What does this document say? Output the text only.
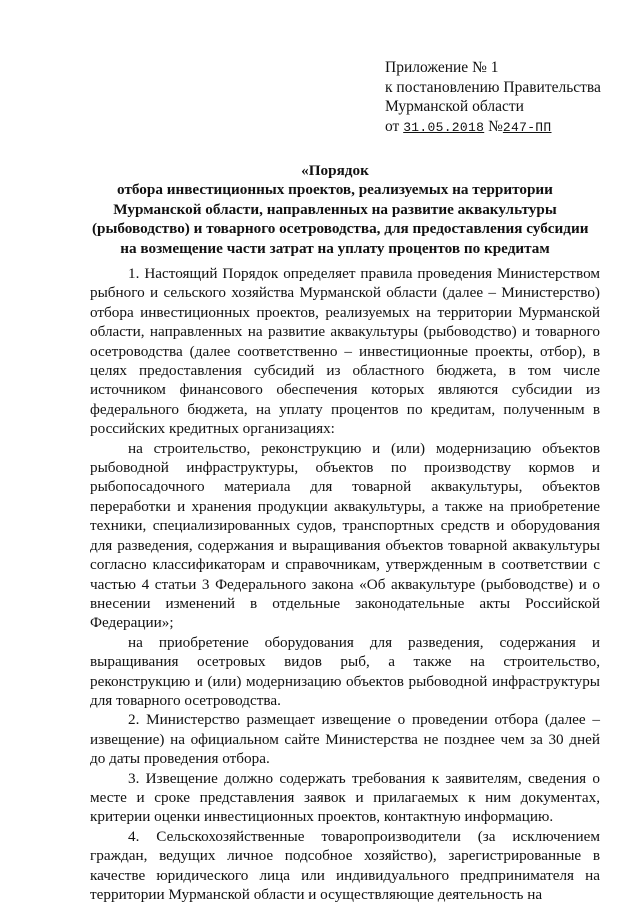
Приложение № 1
к постановлению Правительства
Мурманской области
от 31.05.2018 №247-ПП
«Порядок
отбора инвестиционных проектов, реализуемых на территории
Мурманской области, направленных на развитие аквакультуры
(рыбоводство) и товарного осетроводства, для предоставления субсидии
на возмещение части затрат на уплату процентов по кредитам

1. Настоящий Порядок определяет правила проведения Министерством рыбного и сельского хозяйства Мурманской области (далее – Министерство) отбора инвестиционных проектов, реализуемых на территории Мурманской области, направленных на развитие аквакультуры (рыбоводство) и товарного осетроводства (далее соответственно – инвестиционные проекты, отбор), в целях предоставления субсидий из областного бюджета, в том числе источником финансового обеспечения которых являются субсидии из федерального бюджета, на уплату процентов по кредитам, полученным в российских кредитных организациях:

на строительство, реконструкцию и (или) модернизацию объектов рыбоводной инфраструктуры, объектов по производству кормов и рыбопосадочного материала для товарной аквакультуры, объектов переработки и хранения продукции аквакультуры, а также на приобретение техники, специализированных судов, транспортных средств и оборудования для разведения, содержания и выращивания объектов товарной аквакультуры согласно классификаторам и справочникам, утвержденным в соответствии с частью 4 статьи 3 Федерального закона «Об аквакультуре (рыбоводстве) и о внесении изменений в отдельные законодательные акты Российской Федерации»;

на приобретение оборудования для разведения, содержания и выращивания осетровых видов рыб, а также на строительство, реконструкцию и (или) модернизацию объектов рыбоводной инфраструктуры для товарного осетроводства.

2. Министерство размещает извещение о проведении отбора (далее – извещение) на официальном сайте Министерства не позднее чем за 30 дней до даты проведения отбора.

3. Извещение должно содержать требования к заявителям, сведения о месте и сроке представления заявок и прилагаемых к ним документах, критерии оценки инвестиционных проектов, контактную информацию.

4. Сельскохозяйственные товаропроизводители (за исключением граждан, ведущих личное подсобное хозяйство), зарегистрированные в качестве юридического лица или индивидуального предпринимателя на территории Мурманской области и осуществляющие деятельность на
